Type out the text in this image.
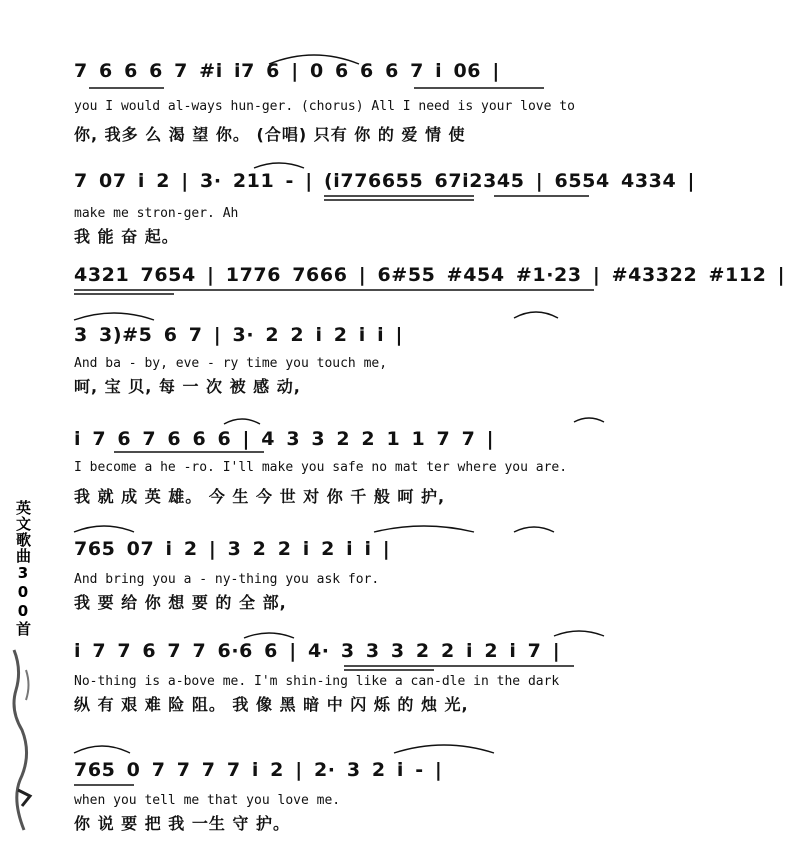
英文歌曲300首
7 6 6 6 7 #i i7 6 | 0 6 6 6 7 i 06 |
you I would al-ways hun-ger. (chorus) All I need is your love to
你, 我多 么 渴 望 你。 (合唱) 只有 你 的 爱 情 使
7 07 i 2 | 3· 211 - | (i776655 67i2345 | 6554 4334 |
make me stron-ger. Ah
我 能 奋 起。
4321 7654 | 1776 7666 | 6#55 #454 #1·23 | #43322 #112 |
3 3)#5 6 7 | 3· 2 2 i 2 i i |
And ba - by, eve - ry time you touch me,
呵, 宝 贝, 每 一 次 被 感 动,
i 7 6 7 6 6 6 | 4 3 3 2 2 1 1 7 7 |
I become a he -ro. I'll make you safe no mat ter where you are.
我 就 成 英 雄。 今 生 今 世 对 你 千 般 呵 护,
765 07 i 2 | 3 2 2 i 2 i i |
And bring you a - ny-thing you ask for.
我 要 给 你 想 要 的 全 部,
i 7 7 6 7 7 6·6 6 | 4· 3 3 3 2 2 i 2 i 7 |
No-thing is a-bove me. I'm shin-ing like a can-dle in the dark
纵 有 艰 难 险 阻。 我 像 黑 暗 中 闪 烁 的 烛 光,
765 0 7 7 7 7 i 2 | 2· 3 2 i - |
when you tell me that you love me.
你 说 要 把 我 一生 守 护。
